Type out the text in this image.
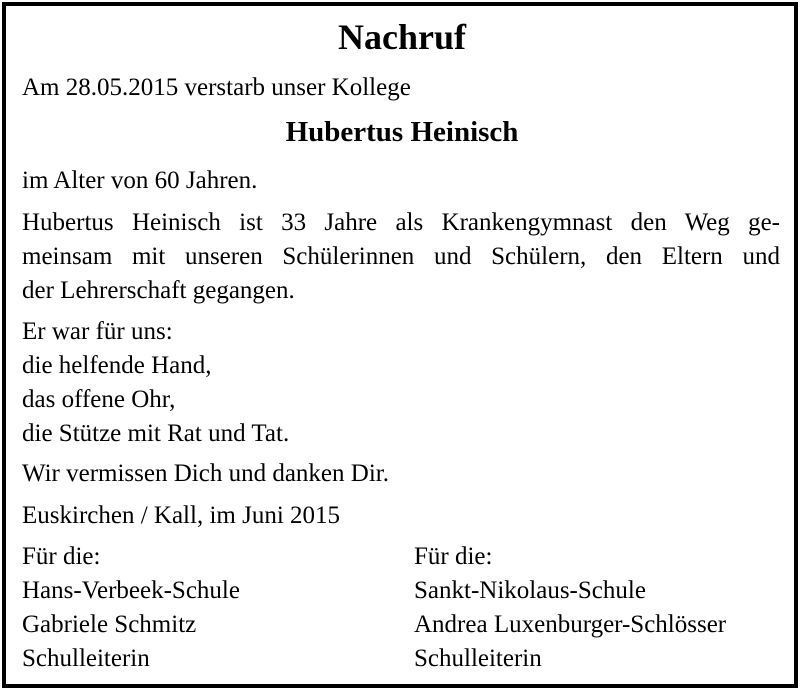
Nachruf
Am 28.05.2015 verstarb unser Kollege
Hubertus Heinisch
im Alter von 60 Jahren.
Hubertus Heinisch ist 33 Jahre als Krankengymnast den Weg ge-
meinsam mit unseren Schülerinnen und Schülern, den Eltern und
der Lehrerschaft gegangen.
Er war für uns:
die helfende Hand,
das offene Ohr,
die Stütze mit Rat und Tat.
Wir vermissen Dich und danken Dir.
Euskirchen / Kall, im Juni 2015
Für die:
Hans-Verbeek-Schule
Gabriele Schmitz
Schulleiterin
Für die:
Sankt-Nikolaus-Schule
Andrea Luxenburger-Schlösser
Schulleiterin
